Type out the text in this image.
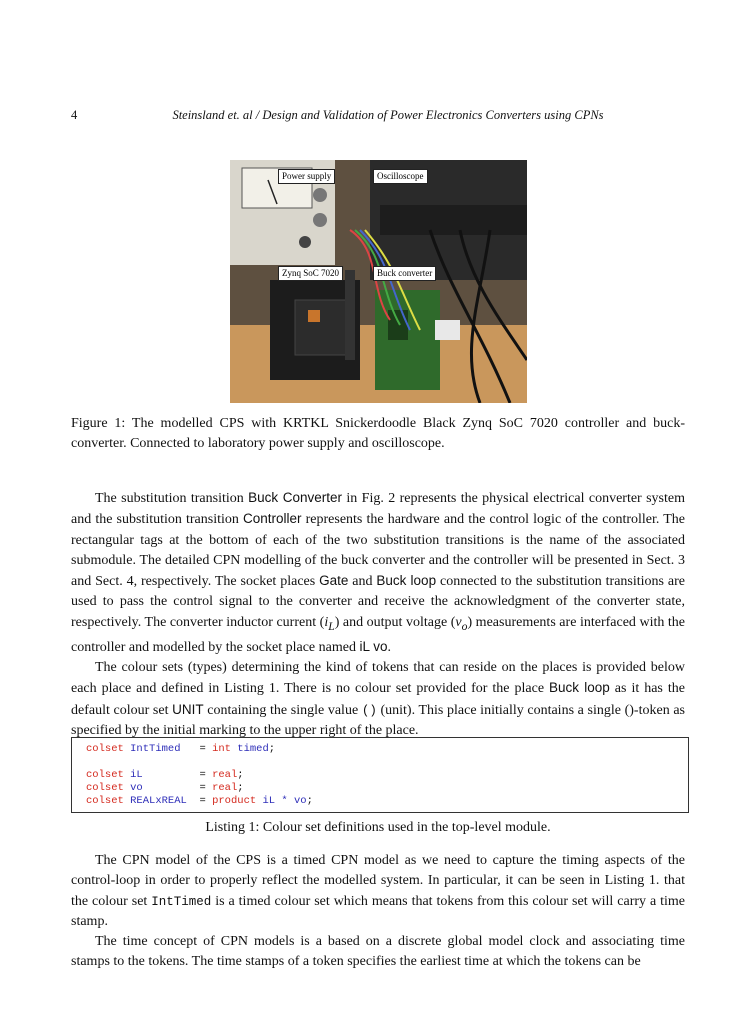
4	Steinsland et. al / Design and Validation of Power Electronics Converters using CPNs
Power supply	Oscilloscope
Zynq SoC 7020	Buck converter
Figure 1: The modelled CPS with KRTKL Snickerdoodle Black Zynq SoC 7020 controller and buck-converter. Connected to laboratory power supply and oscilloscope.

The substitution transition Buck Converter in Fig. 2 represents the physical electrical converter system and the substitution transition Controller represents the hardware and the control logic of the controller. The rectangular tags at the bottom of each of the two substitution transitions is the name of the associated submodule. The detailed CPN modelling of the buck converter and the controller will be presented in Sect. 3 and Sect. 4, respectively. The socket places Gate and Buck loop connected to the substitution transitions are used to pass the control signal to the converter and receive the acknowledgment of the converter state, respectively. The converter inductor current $(i_L)$ and output voltage $(v_o)$ measurements are interfaced with the controller and modelled by the socket place named iL vo.

The colour sets (types) determining the kind of tokens that can reside on the places is provided below each place and defined in Listing 1. There is no colour set provided for the place Buck loop as it has the default colour set UNIT containing the single value () (unit). This place initially contains a single ()-token as specified by the initial marking to the upper right of the place.

colset IntTimed   = int timed;
colset iL	= real;
colset vo	= real;
colset REALxREAL  = product iL * vo;
Listing 1: Colour set definitions used in the top-level module.

The CPN model of the CPS is a timed CPN model as we need to capture the timing aspects of the control-loop in order to properly reflect the modelled system. In particular, it can be seen in Listing 1. that the colour set IntTimed is a timed colour set which means that tokens from this colour set will carry a time stamp.

The time concept of CPN models is a based on a discrete global model clock and associating time stamps to the tokens. The time stamps of a token specifies the earliest time at which the tokens can be
